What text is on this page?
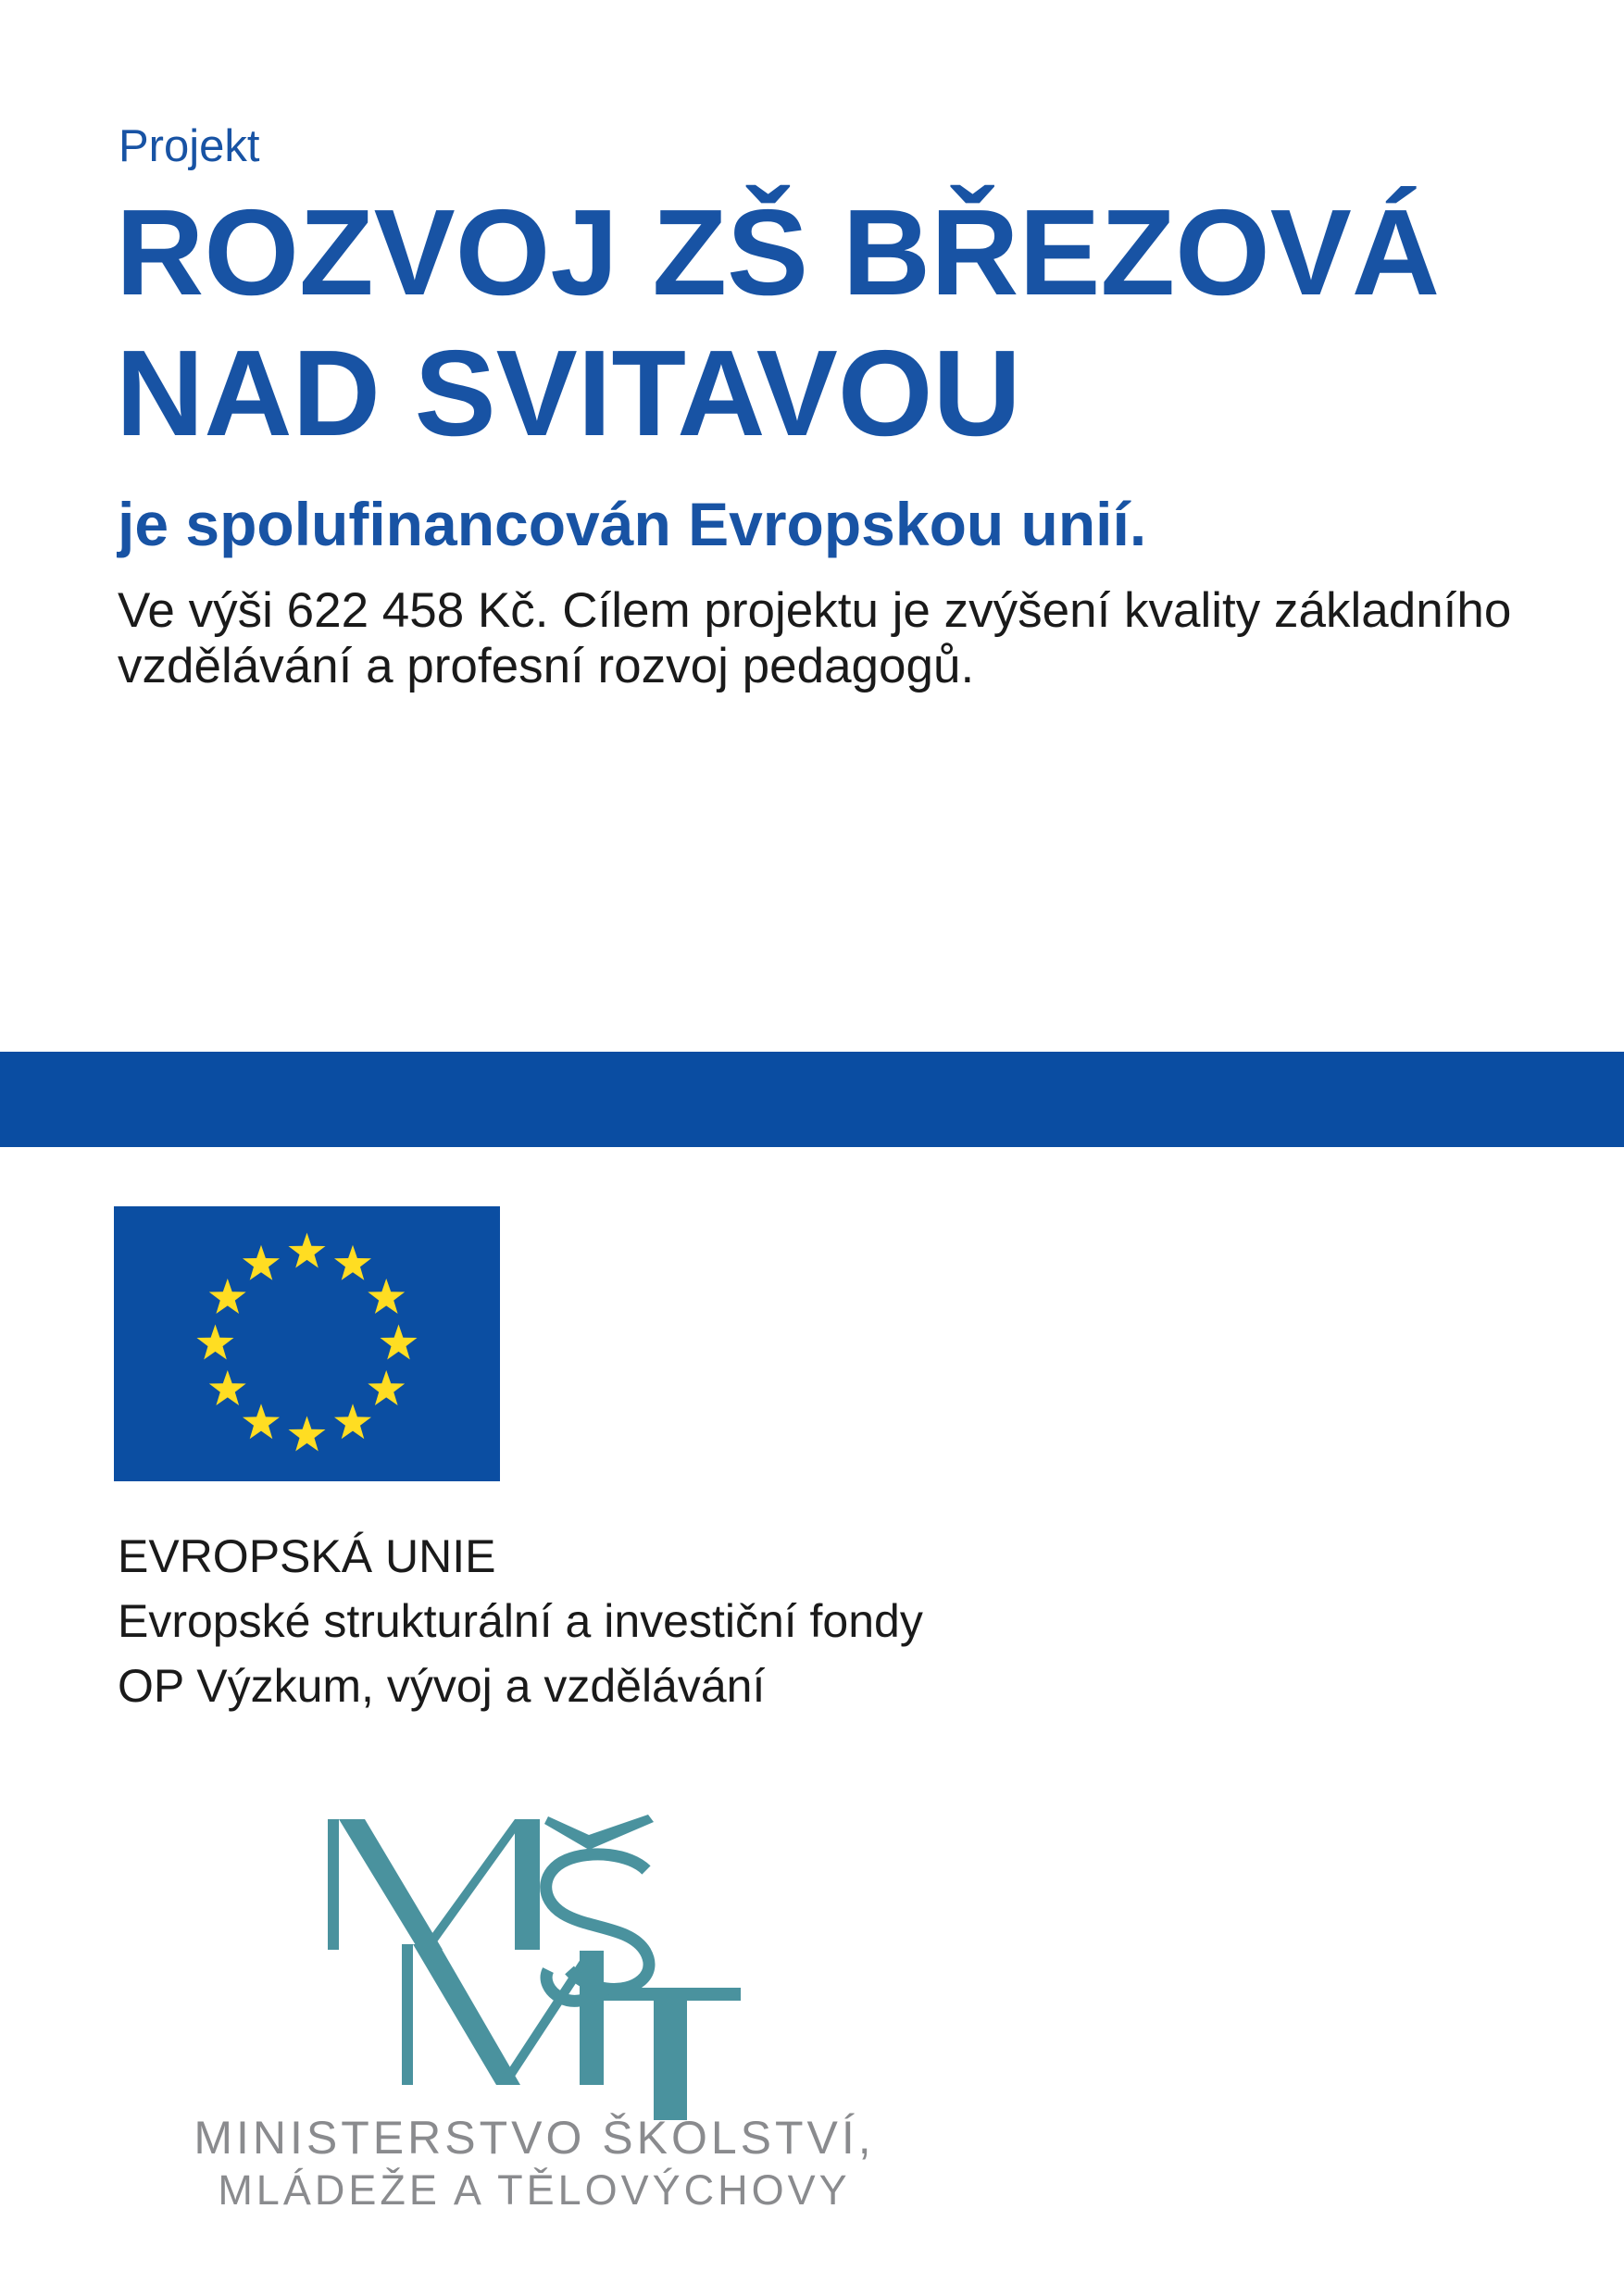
Projekt
ROZVOJ ZŠ BŘEZOVÁ
NAD SVITAVOU
je spolufinancován Evropskou unií.
Ve výši 622 458 Kč. Cílem projektu je zvýšení kvality základního
vzdělávání a profesní rozvoj pedagogů.
EVROPSKÁ UNIE
Evropské strukturální a investiční fondy
OP Výzkum, vývoj a vzdělávání
MINISTERSTVO ŠKOLSTVÍ,
MLÁDEŽE A TĚLOVÝCHOVY
